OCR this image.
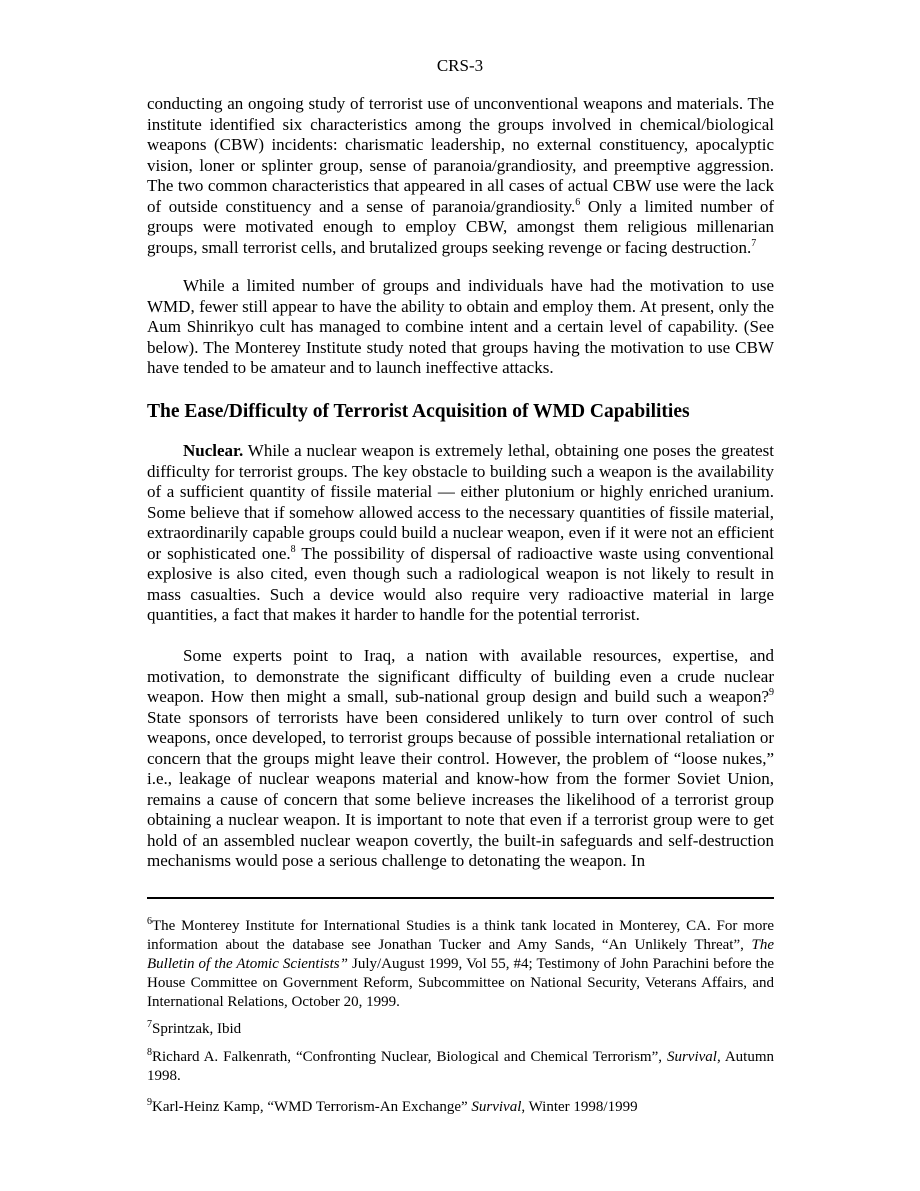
CRS-3

conducting an ongoing study of terrorist use of unconventional weapons and materials. The institute identified six characteristics among the groups involved in chemical/biological weapons (CBW) incidents: charismatic leadership, no external constituency, apocalyptic vision, loner or splinter group, sense of paranoia/grandiosity, and preemptive aggression. The two common characteristics that appeared in all cases of actual CBW use were the lack of outside constituency and a sense of paranoia/grandiosity.$^6$ Only a limited number of groups were motivated enough to employ CBW, amongst them religious millenarian groups, small terrorist cells, and brutalized groups seeking revenge or facing destruction.$^7$

While a limited number of groups and individuals have had the motivation to use WMD, fewer still appear to have the ability to obtain and employ them. At present, only the Aum Shinrikyo cult has managed to combine intent and a certain level of capability. (See below). The Monterey Institute study noted that groups having the motivation to use CBW have tended to be amateur and to launch ineffective attacks.

The Ease/Difficulty of Terrorist Acquisition of WMD Capabilities

Nuclear. While a nuclear weapon is extremely lethal, obtaining one poses the greatest difficulty for terrorist groups. The key obstacle to building such a weapon is the availability of a sufficient quantity of fissile material — either plutonium or highly enriched uranium. Some believe that if somehow allowed access to the necessary quantities of fissile material, extraordinarily capable groups could build a nuclear weapon, even if it were not an efficient or sophisticated one.$^8$ The possibility of dispersal of radioactive waste using conventional explosive is also cited, even though such a radiological weapon is not likely to result in mass casualties. Such a device would also require very radioactive material in large quantities, a fact that makes it harder to handle for the potential terrorist.

Some experts point to Iraq, a nation with available resources, expertise, and motivation, to demonstrate the significant difficulty of building even a crude nuclear weapon. How then might a small, sub-national group design and build such a weapon?$^9$ State sponsors of terrorists have been considered unlikely to turn over control of such weapons, once developed, to terrorist groups because of possible international retaliation or concern that the groups might leave their control. However, the problem of “loose nukes,” i.e., leakage of nuclear weapons material and know-how from the former Soviet Union, remains a cause of concern that some believe increases the likelihood of a terrorist group obtaining a nuclear weapon. It is important to note that even if a terrorist group were to get hold of an assembled nuclear weapon covertly, the built-in safeguards and self-destruction mechanisms would pose a serious challenge to detonating the weapon. In

$^6$The Monterey Institute for International Studies is a think tank located in Monterey, CA. For more information about the database see Jonathan Tucker and Amy Sands, “An Unlikely Threat”, The Bulletin of the Atomic Scientists” July/August 1999, Vol 55, #4; Testimony of John Parachini before the House Committee on Government Reform, Subcommittee on National Security, Veterans Affairs, and International Relations, October 20, 1999.

$^7$Sprintzak, Ibid

$^8$Richard A. Falkenrath, “Confronting Nuclear, Biological and Chemical Terrorism”, Survival, Autumn 1998.

$^9$Karl-Heinz Kamp, “WMD Terrorism-An Exchange” Survival, Winter 1998/1999
